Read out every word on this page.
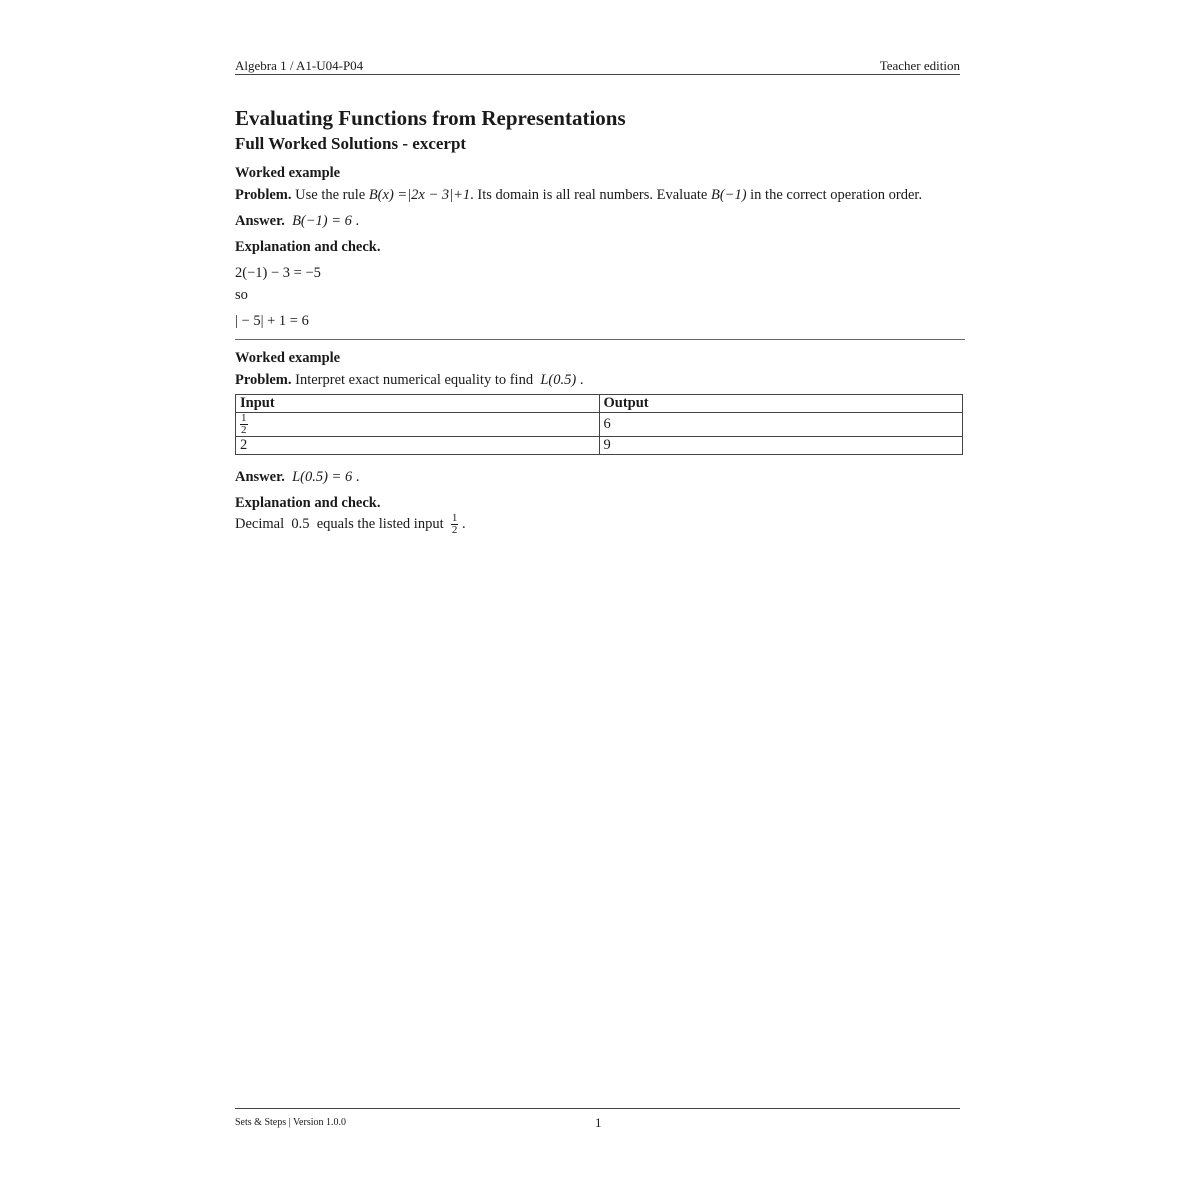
Algebra 1 / A1-U04-P04	Teacher edition
Evaluating Functions from Representations
Full Worked Solutions - excerpt
Worked example

Problem. Use the rule B(x) =|2x − 3|+1. Its domain is all real numbers. Evaluate B(−1) in the correct operation order.

Answer. B(−1) = 6 .

Explanation and check.

2(−1) − 3 = −5
so
| − 5| + 1 = 6
Worked example

Problem. Interpret exact numerical equality to find  L(0.5) .

Input	Output

$\frac{1}{2}$	6
2	9

Answer. L(0.5) = 6 .

Explanation and check.

Decimal  0.5  equals the listed input $\frac{1}{2}$ .

Sets & Steps | Version 1.0.0	1
